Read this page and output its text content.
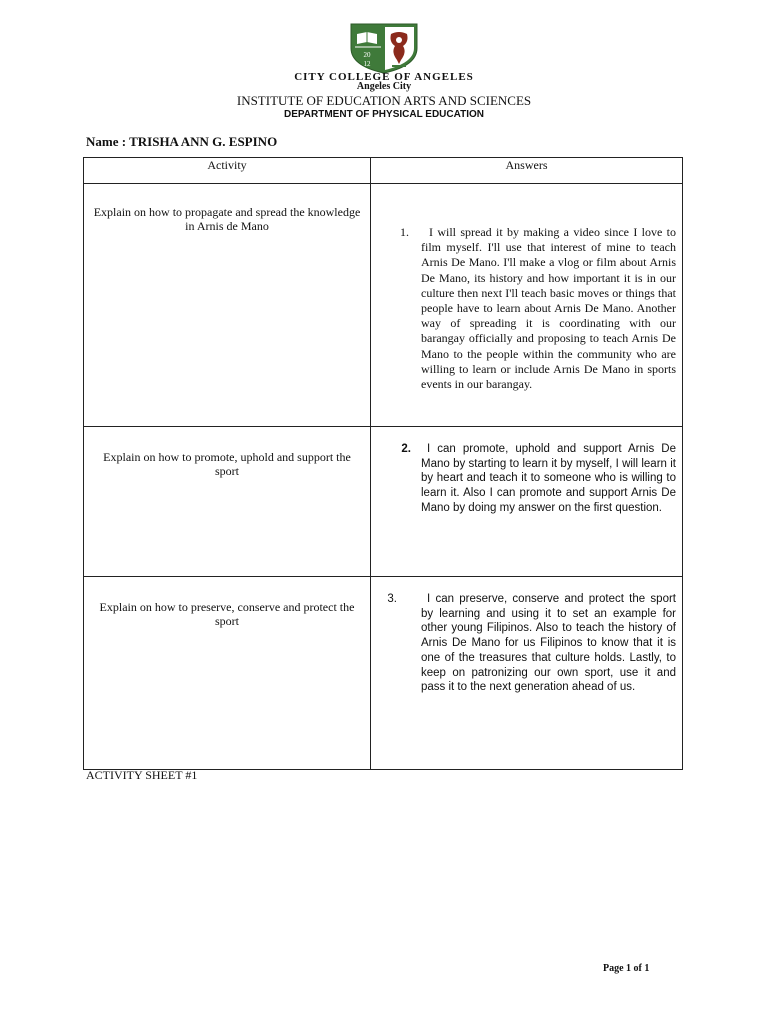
20
12
CITY COLLEGE OF ANGELES
Angeles City
INSTITUTE OF EDUCATION ARTS AND SCIENCES
DEPARTMENT OF PHYSICAL EDUCATION
Name : TRISHA ANN G. ESPINO
Activity	Answers

Explain on how to propagate and spread the knowledge in Arnis de Mano	1. I will spread it by making a video since I love to film myself. I'll use that interest of mine to teach Arnis De Mano. I'll make a vlog or film about Arnis De Mano, its history and how important it is in our culture then next I'll teach basic moves or things that people have to learn about Arnis De Mano. Another way of spreading it is coordinating with our barangay officially and proposing to teach Arnis De Mano to the people within the community who are willing to learn or include Arnis De Mano in sports events in our barangay.

Explain on how to promote, uphold and support the sport	2. I can promote, uphold and support Arnis De Mano by starting to learn it by myself, I will learn it by heart and teach it to someone who is willing to learn it. Also I can promote and support Arnis De Mano by doing my answer on the first question.

Explain on how to preserve, conserve and protect the sport	3. I can preserve, conserve and protect the sport by learning and using it to set an example for other young Filipinos. Also to teach the history of Arnis De Mano for us Filipinos to know that it is one of the treasures that culture holds. Lastly, to keep on patronizing our own sport, use it and pass it to the next generation ahead of us.
ACTIVITY SHEET #1
Page 1 of 1
